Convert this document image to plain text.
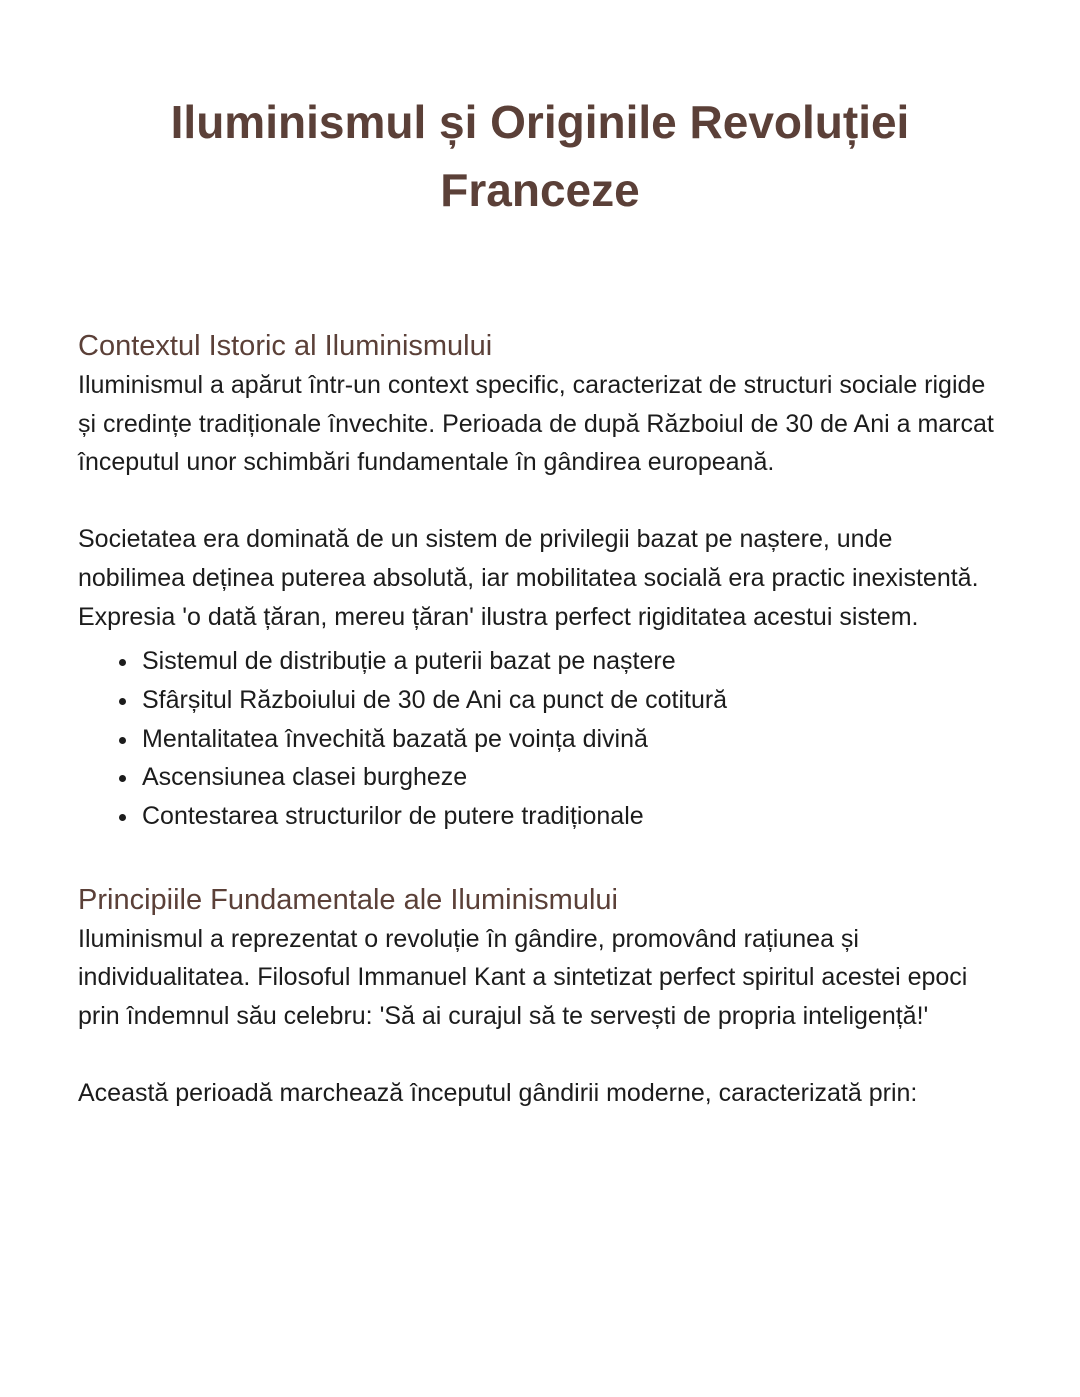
Iluminismul și Originile Revoluției Franceze
Contextul Istoric al Iluminismului

Iluminismul a apărut într-un context specific, caracterizat de structuri sociale rigide și credințe tradiționale învechite. Perioada de după Războiul de 30 de Ani a marcat începutul unor schimbări fundamentale în gândirea europeană.

Societatea era dominată de un sistem de privilegii bazat pe naștere, unde nobilimea deținea puterea absolută, iar mobilitatea socială era practic inexistentă. Expresia 'o dată țăran, mereu țăran' ilustra perfect rigiditatea acestui sistem.

• Sistemul de distribuție a puterii bazat pe naștere
• Sfârșitul Războiului de 30 de Ani ca punct de cotitură
• Mentalitatea învechită bazată pe voința divină
• Ascensiunea clasei burgheze
• Contestarea structurilor de putere tradiționale
Principiile Fundamentale ale Iluminismului

Iluminismul a reprezentat o revoluție în gândire, promovând rațiunea și individualitatea. Filosoful Immanuel Kant a sintetizat perfect spiritul acestei epoci prin îndemnul său celebru: 'Să ai curajul să te servești de propria inteligență!'

Această perioadă marchează începutul gândirii moderne, caracterizată prin:
